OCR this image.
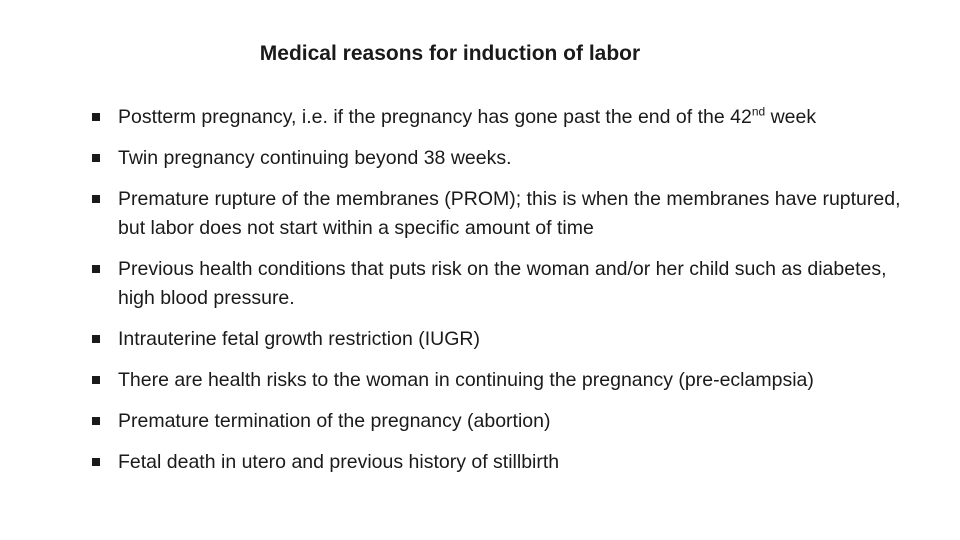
Medical reasons for induction of labor
Postterm pregnancy, i.e. if the pregnancy has gone past the end of the 42nd week
Twin pregnancy continuing beyond 38 weeks.
Premature rupture of the membranes (PROM); this is when the membranes have ruptured, but labor does not start within a specific amount of time
Previous health conditions that puts risk on the woman and/or her child such as diabetes, high blood pressure.
Intrauterine fetal growth restriction (IUGR)
There are health risks to the woman in continuing the pregnancy (pre-eclampsia)
Premature termination of the pregnancy (abortion)
Fetal death in utero and previous history of stillbirth
